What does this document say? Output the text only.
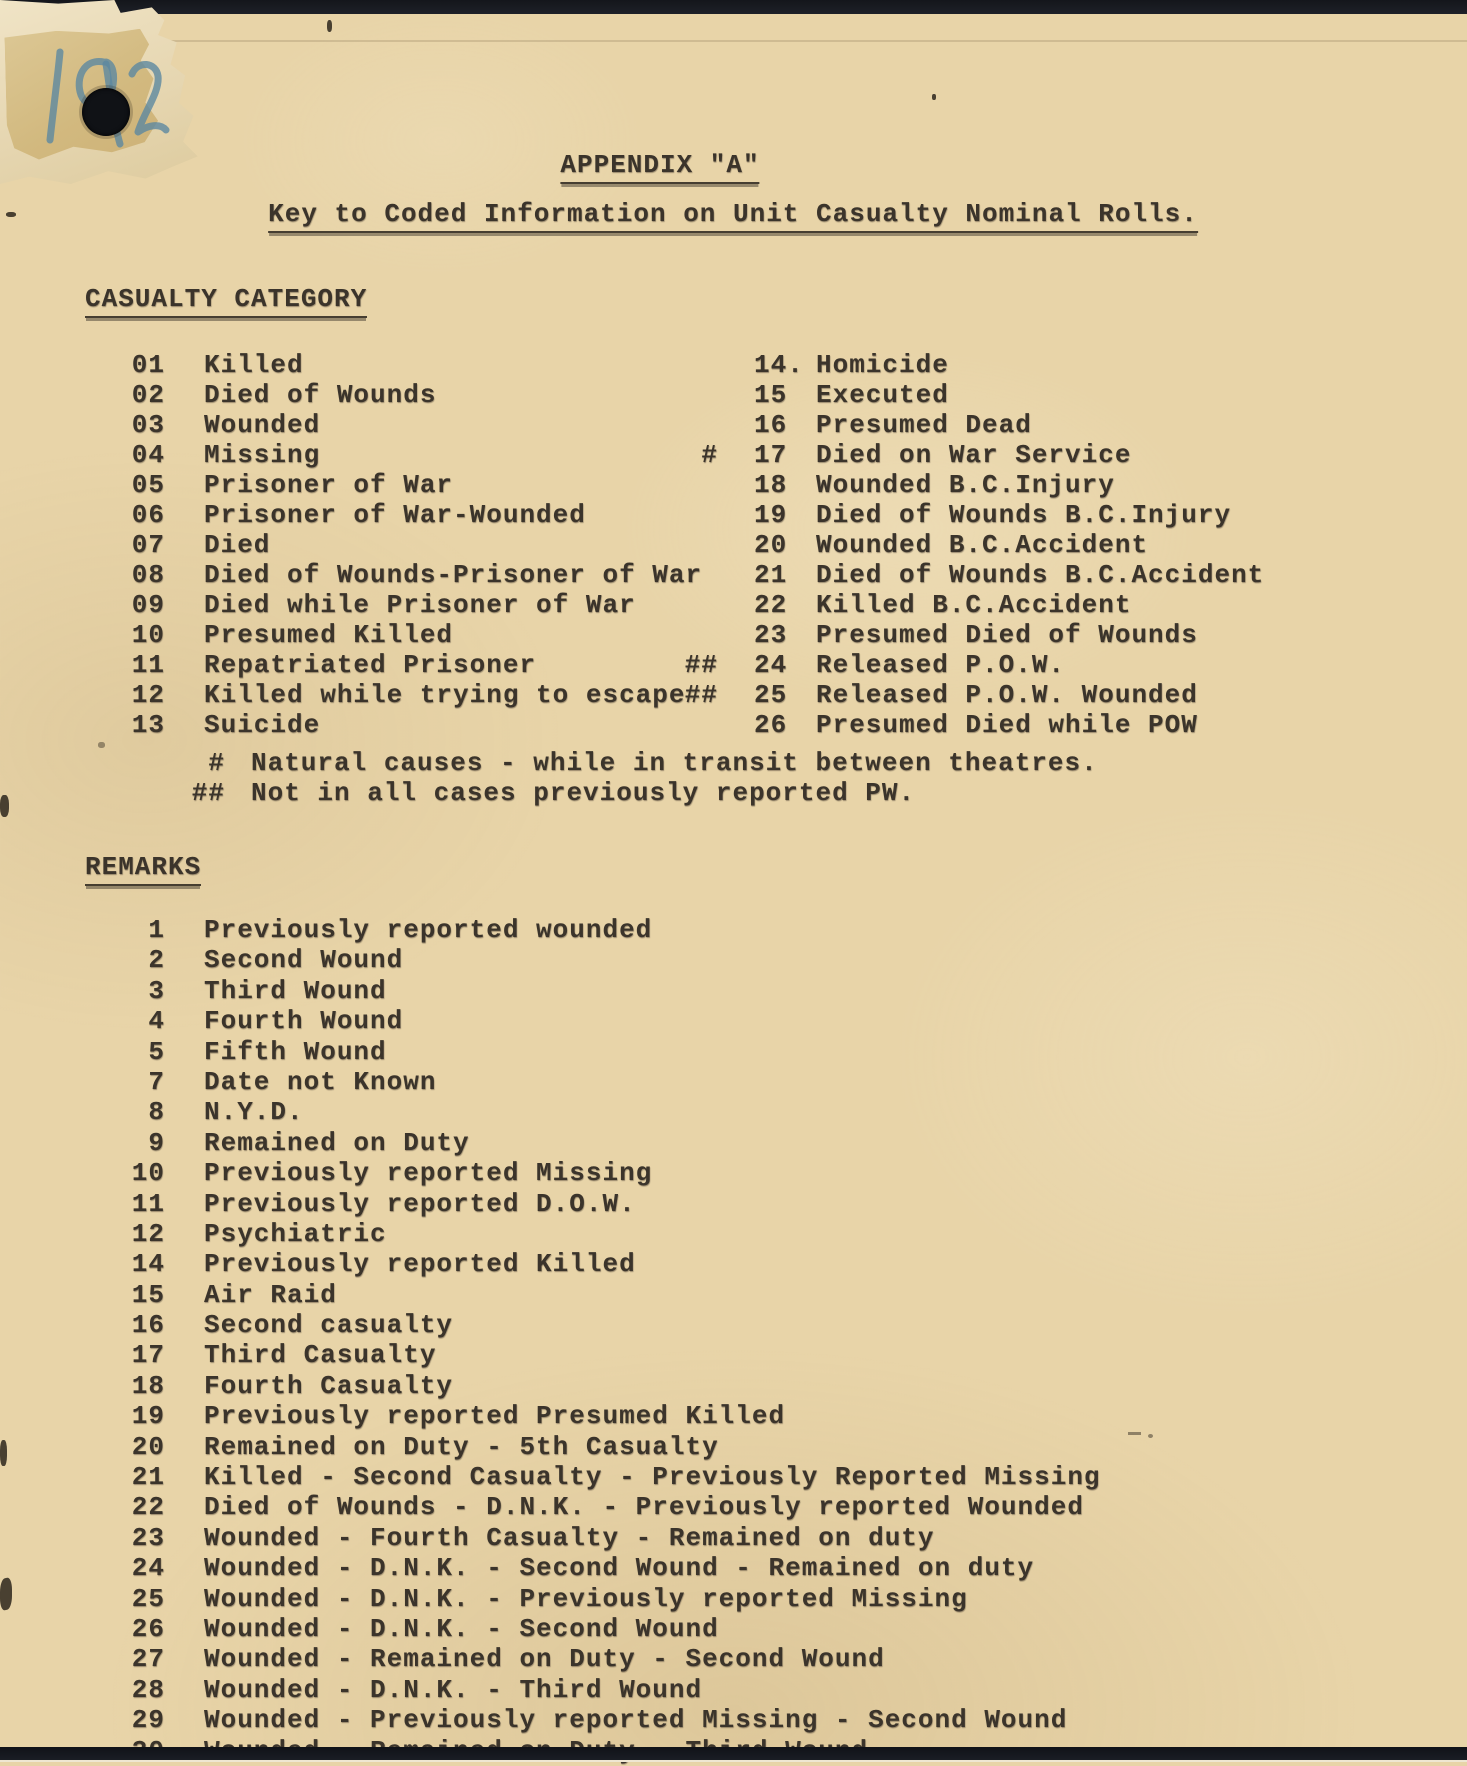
APPENDIX "A"
Key to Coded Information on Unit Casualty Nominal Rolls.
CASUALTY CATEGORY
01 Killed
02 Died of Wounds
03 Wounded
04 Missing
05 Prisoner of War
06 Prisoner of War-Wounded
07 Died
08 Died of Wounds-Prisoner of War
09 Died while Prisoner of War
10 Presumed Killed
11 Repatriated Prisoner
12 Killed while trying to escape
13 Suicide
14. Homicide
15 Executed
16 Presumed Dead
# 17 Died on War Service
18 Wounded B.C.Injury
19 Died of Wounds B.C.Injury
20 Wounded B.C.Accident
21 Died of Wounds B.C.Accident
22 Killed B.C.Accident
23 Presumed Died of Wounds
## 24 Released P.O.W.
## 25 Released P.O.W. Wounded
26 Presumed Died while POW
# Natural causes - while in transit between theatres.
## Not in all cases previously reported PW.
REMARKS
1 Previously reported wounded
2 Second Wound
3 Third Wound
4 Fourth Wound
5 Fifth Wound
7 Date not Known
8 N.Y.D.
9 Remained on Duty
10 Previously reported Missing
11 Previously reported D.O.W.
12 Psychiatric
14 Previously reported Killed
15 Air Raid
16 Second casualty
17 Third Casualty
18 Fourth Casualty
19 Previously reported Presumed Killed
20 Remained on Duty - 5th Casualty
21 Killed - Second Casualty - Previously Reported Missing
22 Died of Wounds - D.N.K. - Previously reported Wounded
23 Wounded - Fourth Casualty - Remained on duty
24 Wounded - D.N.K. - Second Wound - Remained on duty
25 Wounded - D.N.K. - Previously reported Missing
26 Wounded - D.N.K. - Second Wound
27 Wounded - Remained on Duty - Second Wound
28 Wounded - D.N.K. - Third Wound
29 Wounded - Previously reported Missing - Second Wound
